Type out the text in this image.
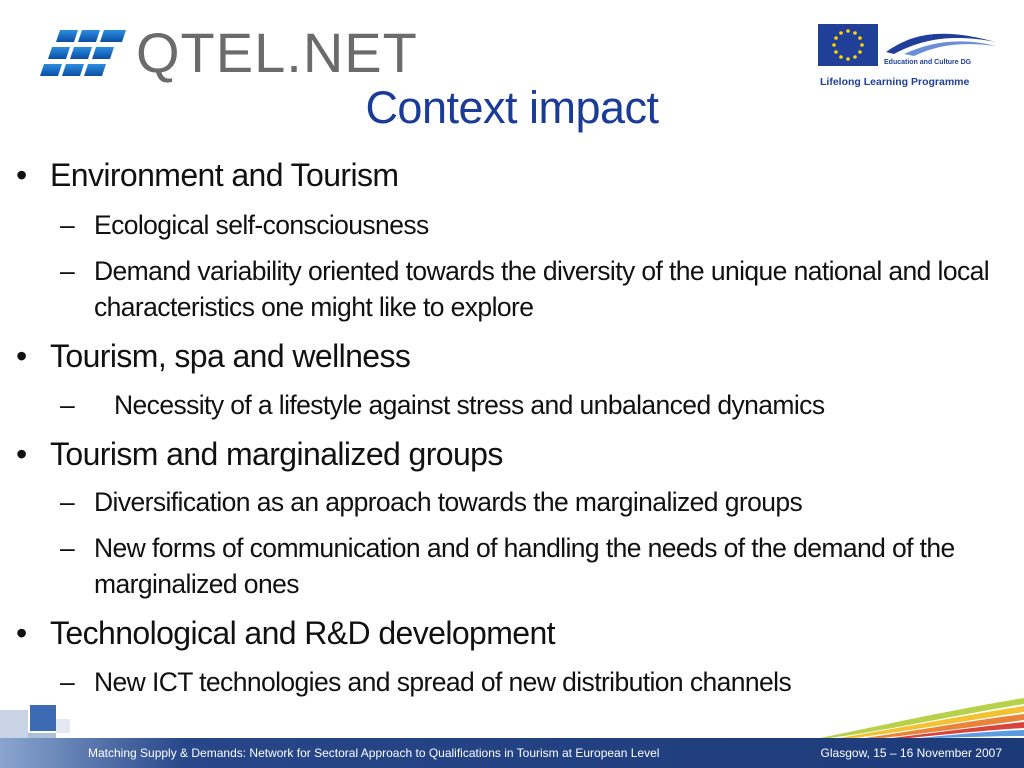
QTEL.NET	Education and Culture DG
Lifelong Learning Programme
Context impact
• Environment and Tourism
– Ecological self-consciousness
– Demand variability oriented towards the diversity of the unique national and local characteristics one might like to explore
• Tourism, spa and wellness
– Necessity of a lifestyle against stress and unbalanced dynamics
• Tourism and marginalized groups
– Diversification as an approach towards the marginalized groups
– New forms of communication and of handling the needs of the demand of the marginalized ones
• Technological and R&D development
– New ICT technologies and spread of new distribution channels
Matching Supply & Demands: Network for Sectoral Approach to Qualifications in Tourism at European Level	Glasgow, 15 – 16 November 2007
